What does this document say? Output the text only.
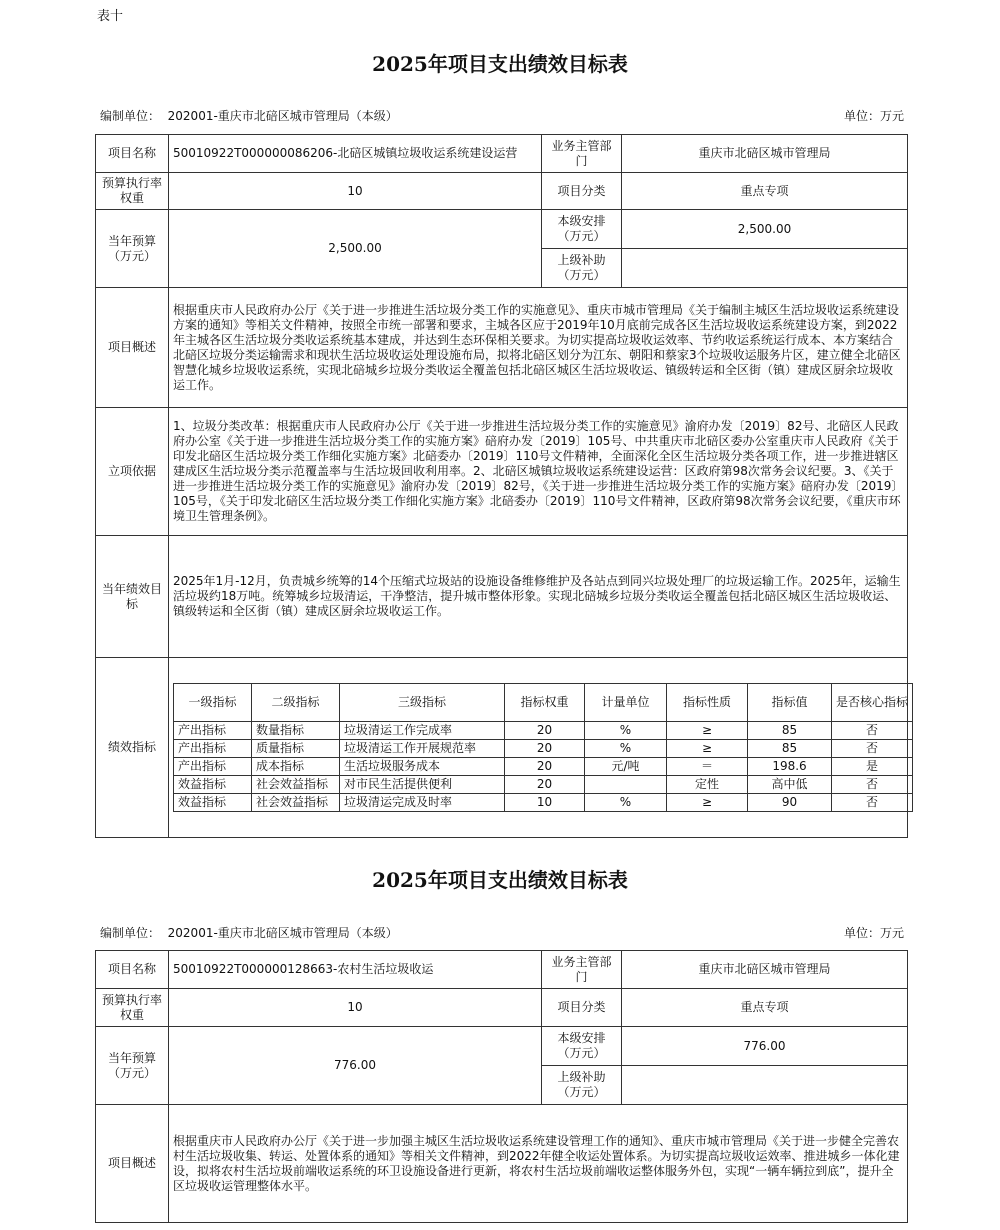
表十
2025年项目支出绩效目标表
编制单位： 202001-重庆市北碚区城市管理局（本级）	单位：万元
项目名称	50010922T000000086206-北碚区城镇垃圾收运系统建设运营	业务主管部门	重庆市北碚区城市管理局
预算执行率权重	10	项目分类	重点专项
当年预算（万元）	2,500.00	本级安排（万元）	2,500.00
上级补助（万元）	
项目概述	根据重庆市人民政府办公厅《关于进一步推进生活垃圾分类工作的实施意见》、重庆市城市管理局《关于编制主城区生活垃圾收运系统建设方案的通知》等相关文件精神，按照全市统一部署和要求，主城各区应于2019年10月底前完成各区生活垃圾收运系统建设方案，到2022年主城各区生活垃圾分类收运系统基本建成，并达到生态环保相关要求。为切实提高垃圾收运效率、节约收运系统运行成本、本方案结合北碚区垃圾分类运输需求和现状生活垃圾收运处理设施布局，拟将北碚区划分为江东、朝阳和蔡家3个垃圾收运服务片区，建立健全北碚区智慧化城乡垃圾收运系统，实现北碚城乡垃圾分类收运全覆盖包括北碚区城区生活垃圾收运、镇级转运和全区街（镇）建成区厨余垃圾收运工作。
立项依据	1、垃圾分类改革：根据重庆市人民政府办公厅《关于进一步推进生活垃圾分类工作的实施意见》渝府办发〔2019〕82号、北碚区人民政府办公室《关于进一步推进生活垃圾分类工作的实施方案》碚府办发〔2019〕105号、中共重庆市北碚区委办公室重庆市人民政府《关于印发北碚区生活垃圾分类工作细化实施方案》北碚委办〔2019〕110号文件精神，全面深化全区生活垃圾分类各项工作，进一步推进辖区建成区生活垃圾分类示范覆盖率与生活垃圾回收利用率。2、北碚区城镇垃圾收运系统建设运营：区政府第98次常务会议纪要。3、《关于进一步推进生活垃圾分类工作的实施意见》渝府办发〔2019〕82号，《关于进一步推进生活垃圾分类工作的实施方案》碚府办发〔2019〕105号，《关于印发北碚区生活垃圾分类工作细化实施方案》北碚委办〔2019〕110号文件精神，区政府第98次常务会议纪要，《重庆市环境卫生管理条例》。
当年绩效目标	2025年1月-12月，负责城乡统筹的14个压缩式垃圾站的设施设备维修维护及各站点到同兴垃圾处理厂的垃圾运输工作。2025年，运输生活垃圾约18万吨。统筹城乡垃圾清运，干净整洁，提升城市整体形象。实现北碚城乡垃圾分类收运全覆盖包括北碚区城区生活垃圾收运、镇级转运和全区街（镇）建成区厨余垃圾收运工作。
绩效指标	
一级指标	二级指标	三级指标	指标权重	计量单位	指标性质	指标值	是否核心指标
产出指标	数量指标	垃圾清运工作完成率	20	%	≥	85	否
产出指标	质量指标	垃圾清运工作开展规范率	20	%	≥	85	否
产出指标	成本指标	生活垃圾服务成本	20	元/吨	＝	198.6	是
效益指标	社会效益指标	对市民生活提供便利	20		定性	高中低	否
效益指标	社会效益指标	垃圾清运完成及时率	10	%	≥	90	否
2025年项目支出绩效目标表
编制单位： 202001-重庆市北碚区城市管理局（本级）	单位：万元
项目名称	50010922T000000128663-农村生活垃圾收运	业务主管部门	重庆市北碚区城市管理局
预算执行率权重	10	项目分类	重点专项
当年预算（万元）	776.00	本级安排（万元）	776.00
		上级补助（万元）	
项目概述	根据重庆市人民政府办公厅《关于进一步加强主城区生活垃圾收运系统建设管理工作的通知》、重庆市城市管理局《关于进一步健全完善农村生活垃圾收集、转运、处置体系的通知》等相关文件精神，到2022年健全收运处置体系。为切实提高垃圾收运效率、推进城乡一体化建设，拟将农村生活垃圾前端收运系统的环卫设施设备进行更新，将农村生活垃圾前端收运整体服务外包，实现“一辆车辆拉到底”，提升全区垃圾收运管理整体水平。		
